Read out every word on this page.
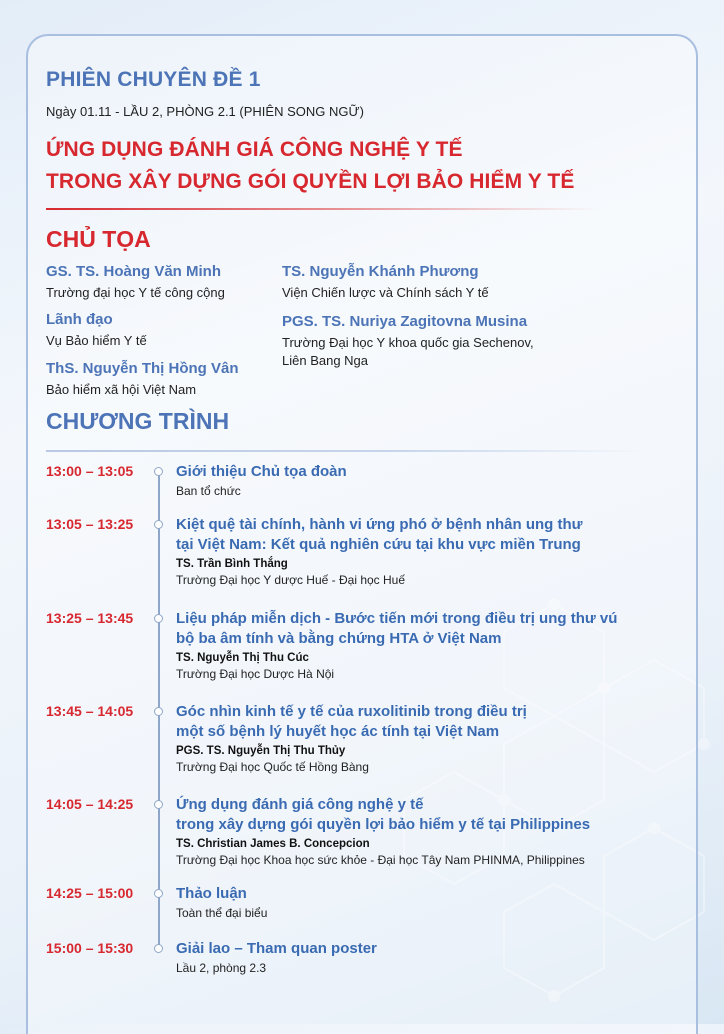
PHIÊN CHUYÊN ĐỀ 1

Ngày 01.11 - LẦU 2, PHÒNG 2.1 (PHIÊN SONG NGỮ)

ỨNG DỤNG ĐÁNH GIÁ CÔNG NGHỆ Y TẾ
TRONG XÂY DỰNG GÓI QUYỀN LỢI BẢO HIỂM Y TẾ
CHỦ TỌA
GS. TS. Hoàng Văn Minh
Trường đại học Y tế công cộng
Lãnh đạo
Vụ Bảo hiểm Y tế
ThS. Nguyễn Thị Hồng Vân
Bảo hiểm xã hội Việt Nam
TS. Nguyễn Khánh Phương
Viện Chiến lược và Chính sách Y tế
PGS. TS. Nuriya Zagitovna Musina
Trường Đại học Y khoa quốc gia Sechenov,
Liên Bang Nga
CHƯƠNG TRÌNH
13:00 – 13:05	Giới thiệu Chủ tọa đoàn
Ban tổ chức
13:05 – 13:25	Kiệt quệ tài chính, hành vi ứng phó ở bệnh nhân ung thư
tại Việt Nam: Kết quả nghiên cứu tại khu vực miền Trung
TS. Trần Bình Thắng
Trường Đại học Y dược Huế - Đại học Huế
13:25 – 13:45	Liệu pháp miễn dịch - Bước tiến mới trong điều trị ung thư vú
bộ ba âm tính và bằng chứng HTA ở Việt Nam
TS. Nguyễn Thị Thu Cúc
Trường Đại học Dược Hà Nội
13:45 – 14:05	Góc nhìn kinh tế y tế của ruxolitinib trong điều trị
một số bệnh lý huyết học ác tính tại Việt Nam
PGS. TS. Nguyễn Thị Thu Thủy
Trường Đại học Quốc tế Hồng Bàng
14:05 – 14:25	Ứng dụng đánh giá công nghệ y tế
trong xây dựng gói quyền lợi bảo hiểm y tế tại Philippines
TS. Christian James B. Concepcion
Trường Đại học Khoa học sức khỏe - Đại học Tây Nam PHINMA, Philippines
14:25 – 15:00	Thảo luận
Toàn thể đại biểu
15:00 – 15:30	Giải lao – Tham quan poster
Lầu 2, phòng 2.3
